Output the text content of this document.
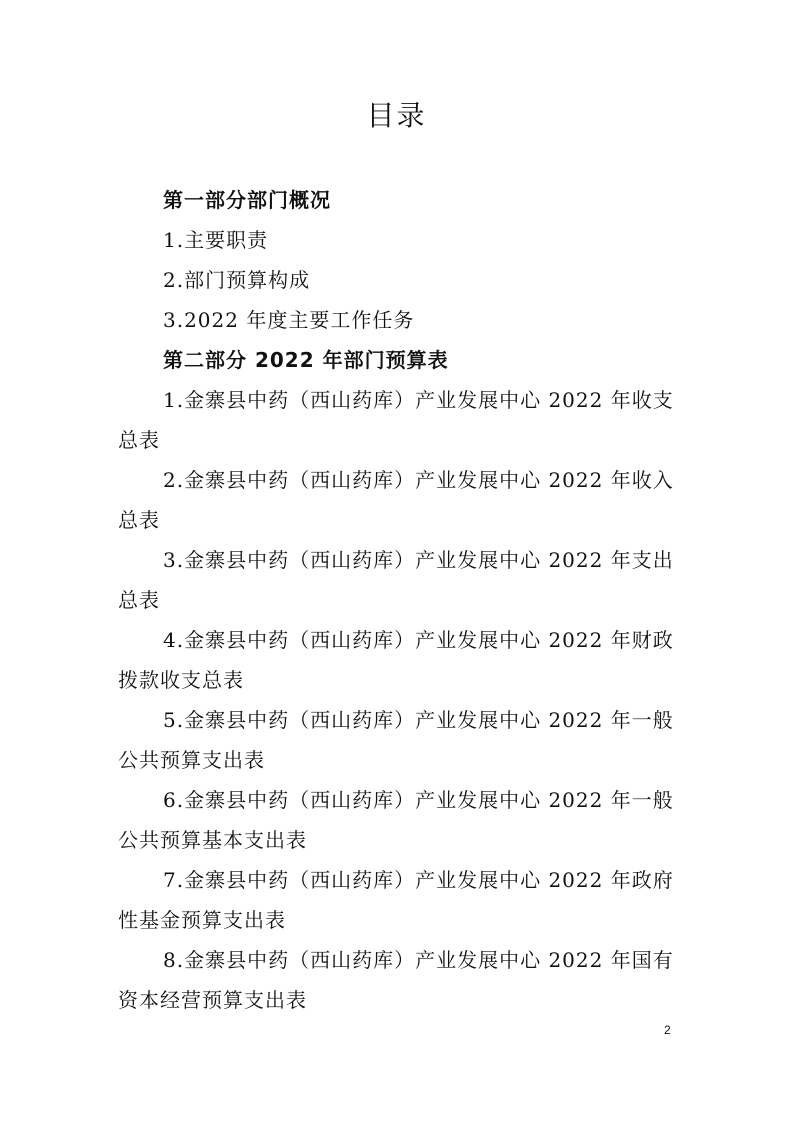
目录
第一部分部门概况
1.主要职责
2.部门预算构成
3.2022 年度主要工作任务
第二部分 2022 年部门预算表
1.金寨县中药（西山药库）产业发展中心 2022 年收支
总表
2.金寨县中药（西山药库）产业发展中心 2022 年收入
总表
3.金寨县中药（西山药库）产业发展中心 2022 年支出
总表
4.金寨县中药（西山药库）产业发展中心 2022 年财政
拨款收支总表
5.金寨县中药（西山药库）产业发展中心 2022 年一般
公共预算支出表
6.金寨县中药（西山药库）产业发展中心 2022 年一般
公共预算基本支出表
7.金寨县中药（西山药库）产业发展中心 2022 年政府
性基金预算支出表
8.金寨县中药（西山药库）产业发展中心 2022 年国有
资本经营预算支出表
2
